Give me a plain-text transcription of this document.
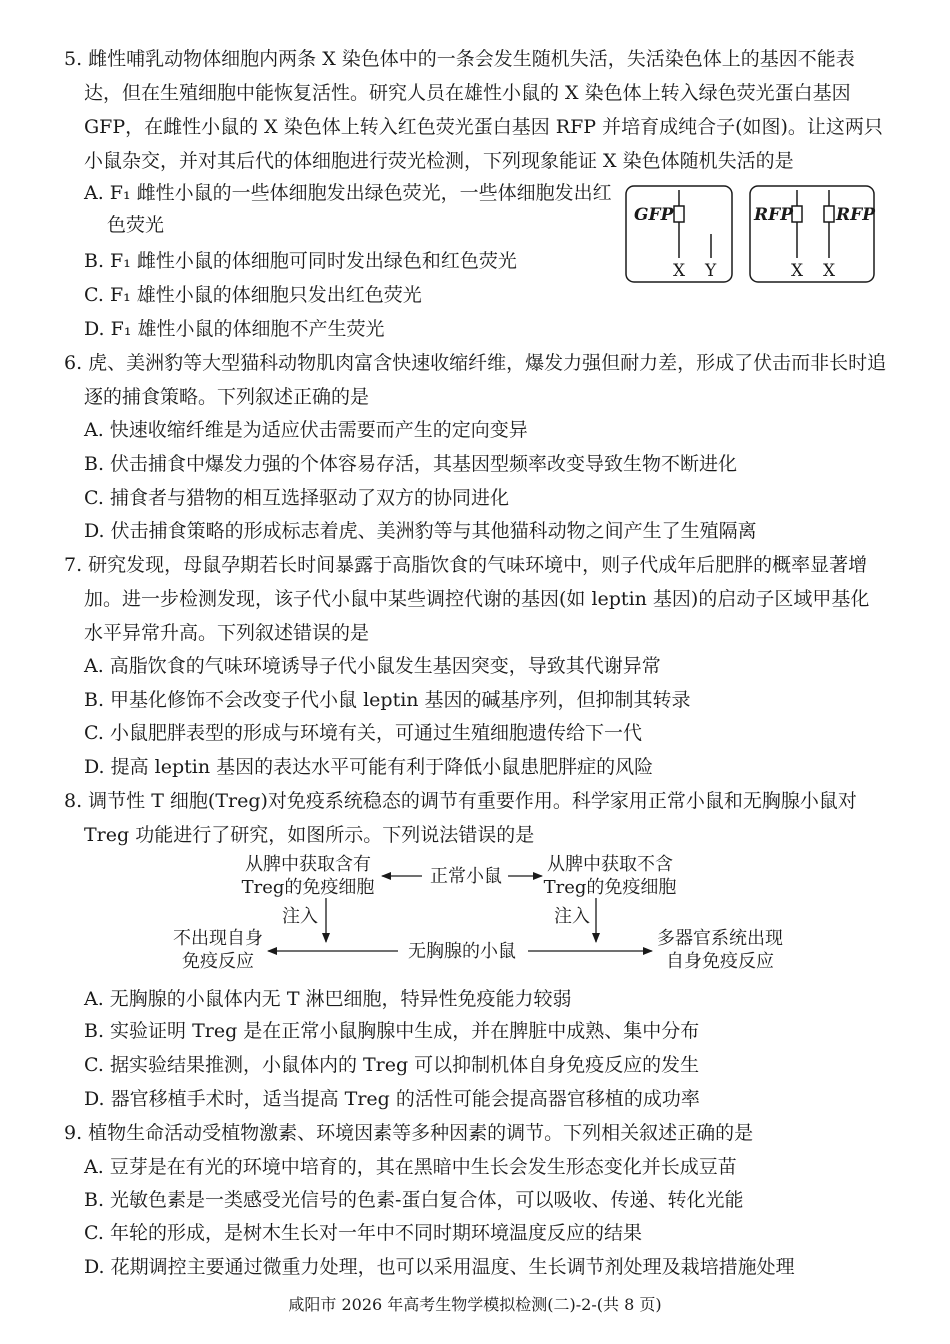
5. 雌性哺乳动物体细胞内两条 X 染色体中的一条会发生随机失活，失活染色体上的基因不能表
达，但在生殖细胞中能恢复活性。研究人员在雄性小鼠的 X 染色体上转入绿色荧光蛋白基因
GFP，在雌性小鼠的 X 染色体上转入红色荧光蛋白基因 RFP 并培育成纯合子(如图)。让这两只
小鼠杂交，并对其后代的体细胞进行荧光检测，下列现象能证 X 染色体随机失活的是
A. F₁ 雌性小鼠的一些体细胞发出绿色荧光，一些体细胞发出红
色荧光
B. F₁ 雌性小鼠的体细胞可同时发出绿色和红色荧光
C. F₁ 雄性小鼠的体细胞只发出红色荧光
D. F₁ 雄性小鼠的体细胞不产生荧光
GFP
X Y
RFP	RFP
X X
6. 虎、美洲豹等大型猫科动物肌肉富含快速收缩纤维，爆发力强但耐力差，形成了伏击而非长时追
逐的捕食策略。下列叙述正确的是
A. 快速收缩纤维是为适应伏击需要而产生的定向变异
B. 伏击捕食中爆发力强的个体容易存活，其基因型频率改变导致生物不断进化
C. 捕食者与猎物的相互选择驱动了双方的协同进化
D. 伏击捕食策略的形成标志着虎、美洲豹等与其他猫科动物之间产生了生殖隔离
7. 研究发现，母鼠孕期若长时间暴露于高脂饮食的气味环境中，则子代成年后肥胖的概率显著增
加。进一步检测发现，该子代小鼠中某些调控代谢的基因(如 leptin 基因)的启动子区域甲基化
水平异常升高。下列叙述错误的是
A. 高脂饮食的气味环境诱导子代小鼠发生基因突变，导致其代谢异常
B. 甲基化修饰不会改变子代小鼠 leptin 基因的碱基序列，但抑制其转录
C. 小鼠肥胖表型的形成与环境有关，可通过生殖细胞遗传给下一代
D. 提高 leptin 基因的表达水平可能有利于降低小鼠患肥胖症的风险
8. 调节性 T 细胞(Treg)对免疫系统稳态的调节有重要作用。科学家用正常小鼠和无胸腺小鼠对
Treg 功能进行了研究，如图所示。下列说法错误的是
从脾中获取含有
Treg的免疫细胞
正常小鼠
从脾中获取不含
Treg的免疫细胞
注入	注入
不出现自身
免疫反应	无胸腺的小鼠
多器官系统出现
自身免疫反应
A. 无胸腺的小鼠体内无 T 淋巴细胞，特异性免疫能力较弱
B. 实验证明 Treg 是在正常小鼠胸腺中生成，并在脾脏中成熟、集中分布
C. 据实验结果推测，小鼠体内的 Treg 可以抑制机体自身免疫反应的发生
D. 器官移植手术时，适当提高 Treg 的活性可能会提高器官移植的成功率
9. 植物生命活动受植物激素、环境因素等多种因素的调节。下列相关叙述正确的是
A. 豆芽是在有光的环境中培育的，其在黑暗中生长会发生形态变化并长成豆苗
B. 光敏色素是一类感受光信号的色素-蛋白复合体，可以吸收、传递、转化光能
C. 年轮的形成，是树木生长对一年中不同时期环境温度反应的结果
D. 花期调控主要通过微重力处理，也可以采用温度、生长调节剂处理及栽培措施处理
咸阳市 2026 年高考生物学模拟检测(二)-2-(共 8 页)
